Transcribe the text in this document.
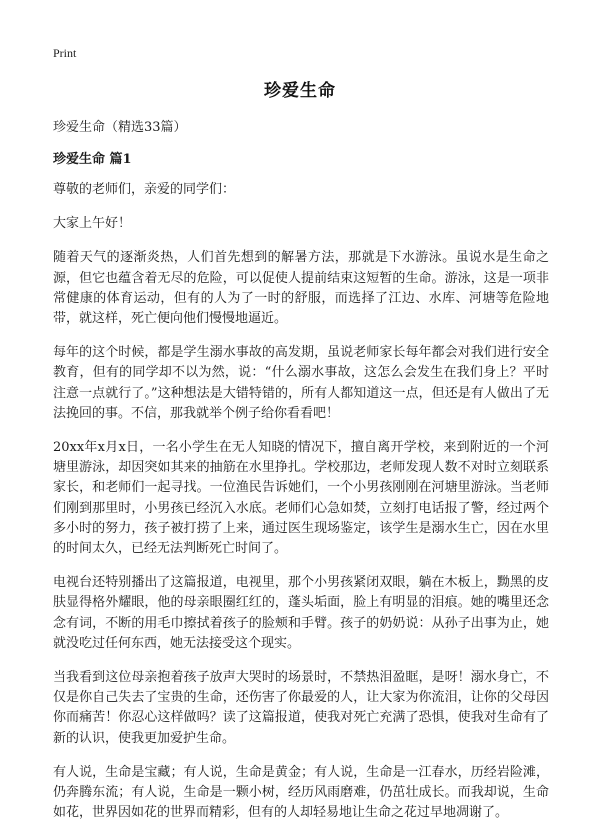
Print
珍爱生命

珍爱生命（精选33篇）

珍爱生命 篇1

尊敬的老师们，亲爱的同学们：

大家上午好！

随着天气的逐渐炎热，人们首先想到的解暑方法，那就是下水游泳。虽说水是生命之源，但它也蕴含着无尽的危险，可以促使人提前结束这短暂的生命。游泳，这是一项非常健康的体育运动，但有的人为了一时的舒服，而选择了江边、水库、河塘等危险地带，就这样，死亡便向他们慢慢地逼近。

每年的这个时候，都是学生溺水事故的高发期，虽说老师家长每年都会对我们进行安全教育，但有的同学却不以为然，说：“什么溺水事故，这怎么会发生在我们身上？平时注意一点就行了。”这种想法是大错特错的，所有人都知道这一点，但还是有人做出了无法挽回的事。不信，那我就举个例子给你看看吧！

20xx年x月x日，一名小学生在无人知晓的情况下，擅自离开学校，来到附近的一个河塘里游泳，却因突如其来的抽筋在水里挣扎。学校那边，老师发现人数不对时立刻联系家长，和老师们一起寻找。一位渔民告诉她们，一个小男孩刚刚在河塘里游泳。当老师们刚到那里时，小男孩已经沉入水底。老师们心急如焚，立刻打电话报了警，经过两个多小时的努力，孩子被打捞了上来，通过医生现场鉴定，该学生是溺水生亡，因在水里的时间太久，已经无法判断死亡时间了。

电视台还特别播出了这篇报道，电视里，那个小男孩紧闭双眼，躺在木板上，黝黑的皮肤显得格外耀眼，他的母亲眼圈红红的，蓬头垢面，脸上有明显的泪痕。她的嘴里还念念有词，不断的用毛巾擦拭着孩子的脸颊和手臂。孩子的奶奶说：从孙子出事为止，她就没吃过任何东西，她无法接受这个现实。

当我看到这位母亲抱着孩子放声大哭时的场景时，不禁热泪盈眶，是呀！溺水身亡，不仅是你自己失去了宝贵的生命，还伤害了你最爱的人，让大家为你流泪，让你的父母因你而痛苦！你忍心这样做吗？读了这篇报道，使我对死亡充满了恐惧，使我对生命有了新的认识，使我更加爱护生命。

有人说，生命是宝藏；有人说，生命是黄金；有人说，生命是一江春水，历经岩险滩，仍奔腾东流；有人说，生命是一颗小树，经历风雨磨难，仍茁壮成长。而我却说，生命如花，世界因如花的世界而精彩，但有的人却轻易地让生命之花过早地凋谢了。
